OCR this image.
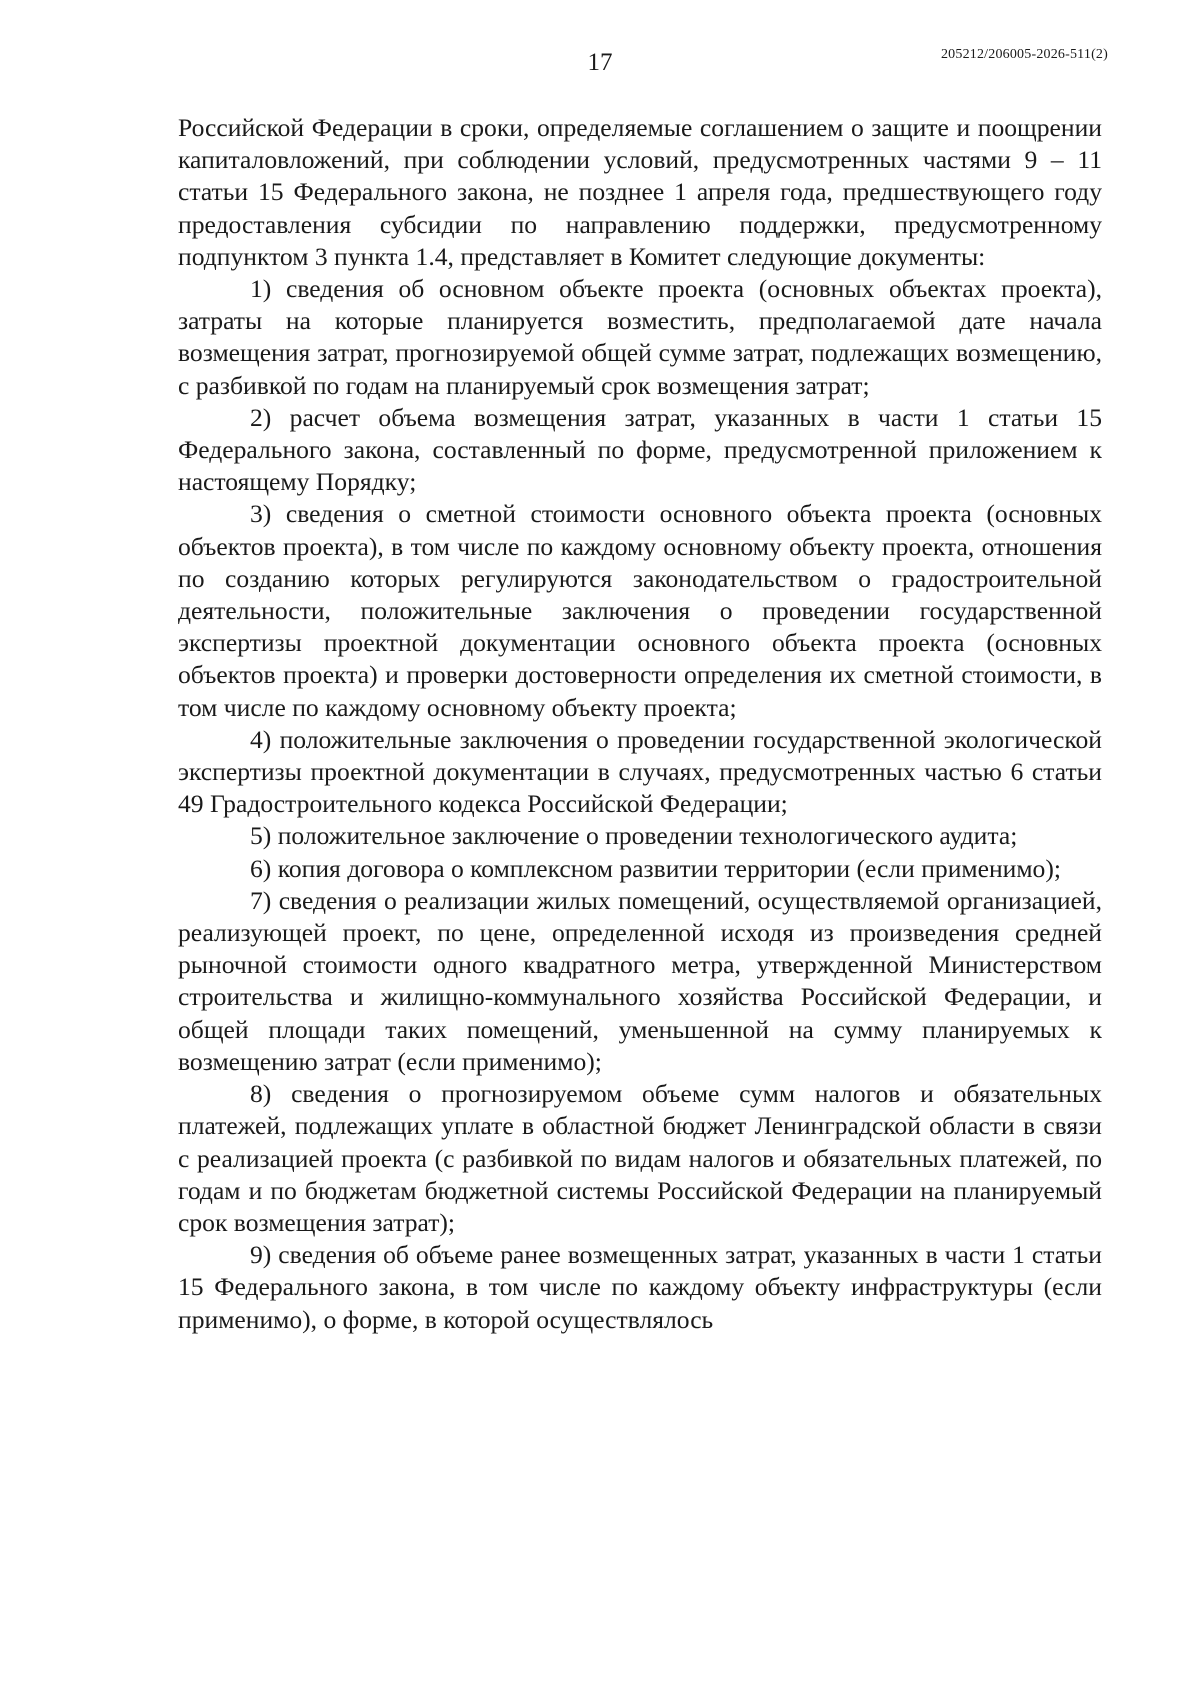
17	205212/206005-2026-511(2)

Российской Федерации в сроки, определяемые соглашением о защите и поощрении капиталовложений, при соблюдении условий, предусмотренных частями 9 – 11 статьи 15 Федерального закона, не позднее 1 апреля года, предшествующего году предоставления субсидии по направлению поддержки, предусмотренному подпунктом 3 пункта 1.4, представляет в Комитет следующие документы:

1) сведения об основном объекте проекта (основных объектах проекта), затраты на которые планируется возместить, предполагаемой дате начала возмещения затрат, прогнозируемой общей сумме затрат, подлежащих возмещению, с разбивкой по годам на планируемый срок возмещения затрат;

2) расчет объема возмещения затрат, указанных в части 1 статьи 15 Федерального закона, составленный по форме, предусмотренной приложением к настоящему Порядку;

3) сведения о сметной стоимости основного объекта проекта (основных объектов проекта), в том числе по каждому основному объекту проекта, отношения по созданию которых регулируются законодательством о градостроительной деятельности, положительные заключения о проведении государственной экспертизы проектной документации основного объекта проекта (основных объектов проекта) и проверки достоверности определения их сметной стоимости, в том числе по каждому основному объекту проекта;

4) положительные заключения о проведении государственной экологической экспертизы проектной документации в случаях, предусмотренных частью 6 статьи 49 Градостроительного кодекса Российской Федерации;

5) положительное заключение о проведении технологического аудита;

6) копия договора о комплексном развитии территории (если применимо);

7) сведения о реализации жилых помещений, осуществляемой организацией, реализующей проект, по цене, определенной исходя из произведения средней рыночной стоимости одного квадратного метра, утвержденной Министерством строительства и жилищно-коммунального хозяйства Российской Федерации, и общей площади таких помещений, уменьшенной на сумму планируемых к возмещению затрат (если применимо);

8) сведения о прогнозируемом объеме сумм налогов и обязательных платежей, подлежащих уплате в областной бюджет Ленинградской области в связи с реализацией проекта (с разбивкой по видам налогов и обязательных платежей, по годам и по бюджетам бюджетной системы Российской Федерации на планируемый срок возмещения затрат);

9) сведения об объеме ранее возмещенных затрат, указанных в части 1 статьи 15 Федерального закона, в том числе по каждому объекту инфраструктуры (если применимо), о форме, в которой осуществлялось
